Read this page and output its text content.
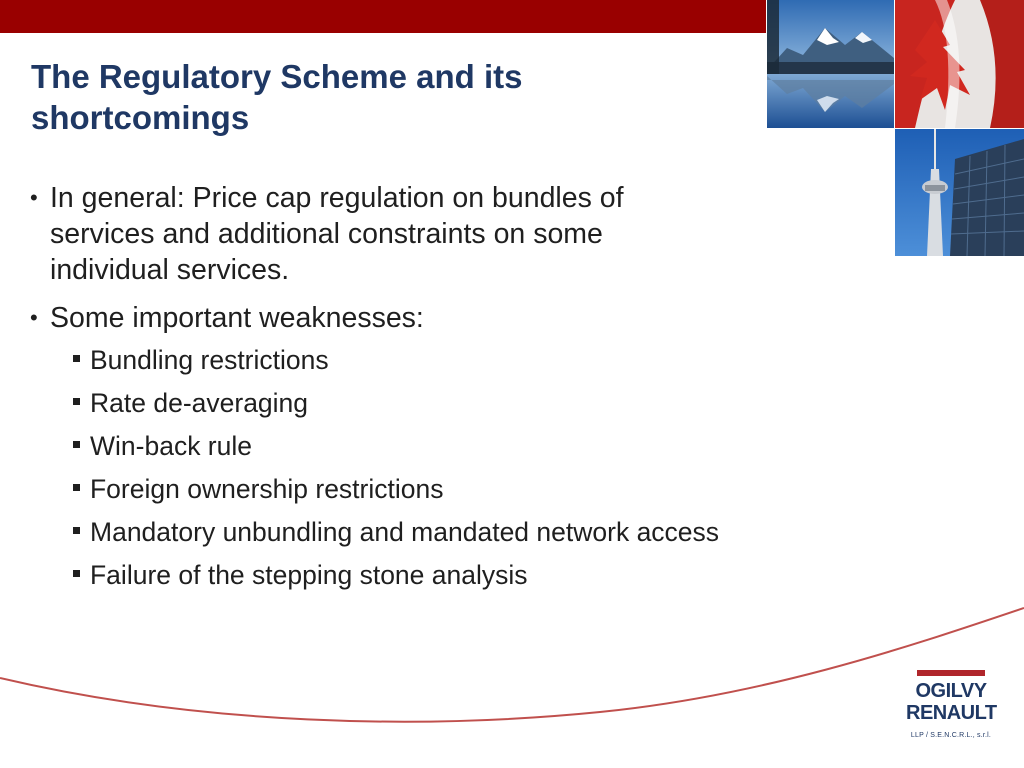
The Regulatory Scheme and its
shortcomings
• In general: Price cap regulation on bundles of
services and additional constraints on some
individual services.
• Some important weaknesses:
Bundling restrictions
Rate de-averaging
Win-back rule
Foreign ownership restrictions
Mandatory unbundling and mandated network access
Failure of the stepping stone analysis
OGILVY
RENAULT
LLP / S.E.N.C.R.L., s.r.l.
